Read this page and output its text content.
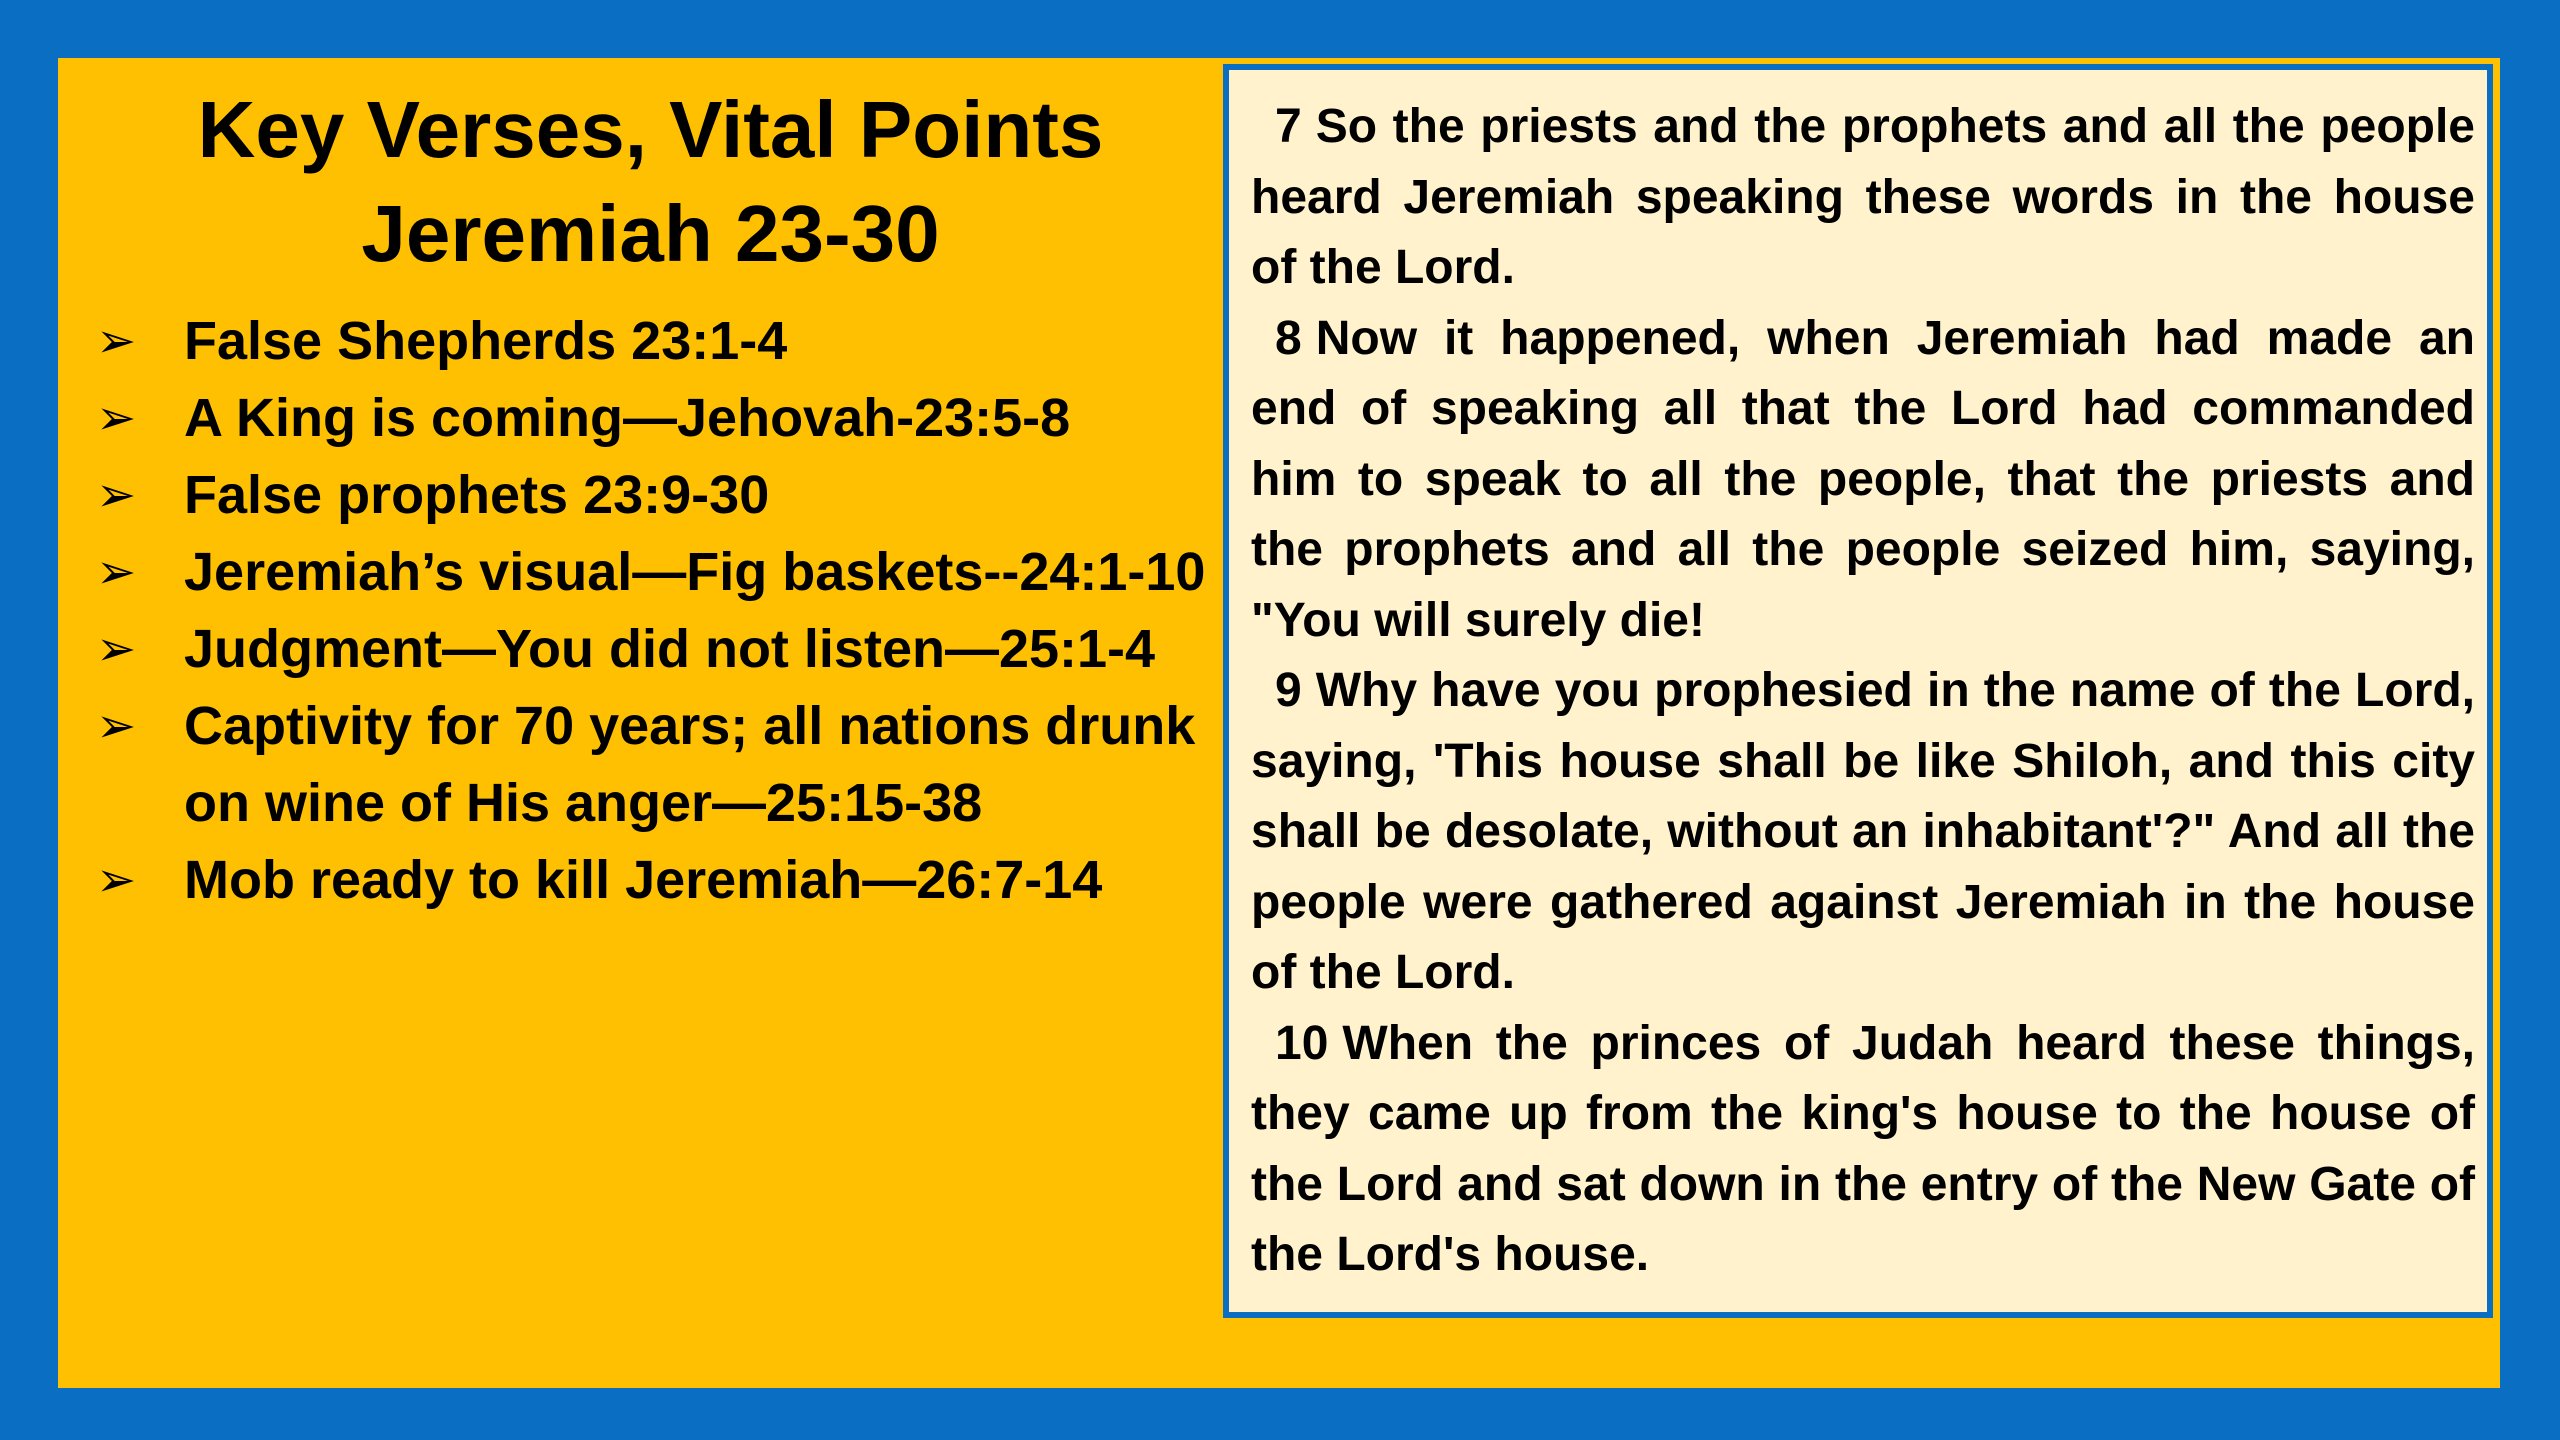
Key Verses, Vital Points
Jeremiah 23-30
➢ False Shepherds 23:1-4
➢ A King is coming—Jehovah-23:5-8
➢ False prophets 23:9-30
➢ Jeremiah’s visual—Fig baskets--24:1-10
➢ Judgment—You did not listen—25:1-4
➢ Captivity for 70 years; all nations drunk
on wine of His anger—25:15-38
➢ Mob ready to kill Jeremiah—26:7-14

7 So the priests and the prophets and all the people heard Jeremiah speaking these words in the house of the Lord.

8 Now it happened, when Jeremiah had made an end of speaking all that the Lord had commanded him to speak to all the people, that the priests and the prophets and all the people seized him, saying, "You will surely die!

9 Why have you prophesied in the name of the Lord, saying, 'This house shall be like Shiloh, and this city shall be desolate, without an inhabitant'?" And all the people were gathered against Jeremiah in the house of the Lord.

10 When the princes of Judah heard these things, they came up from the king's house to the house of the Lord and sat down in the entry of the New Gate of the Lord's house.
